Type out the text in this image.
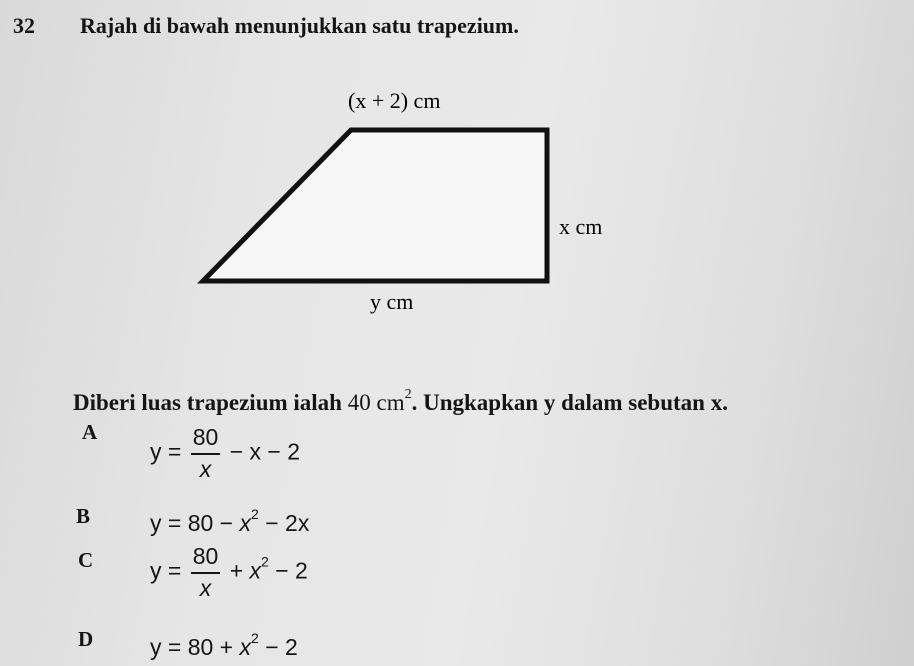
32 Rajah di bawah menunjukkan satu trapezium.
(x + 2) cm
x cm
y cm
Diberi luas trapezium ialah 40 $cm^2$. Ungkapkan y dalam sebutan x.
A
$y = \frac{80}{x} - x - 2$
B	$y = 80 - x^2 - 2x$
C $y = \frac{80}{x} + x^2 - 2$
D $y = 80 + x^2 - 2$
